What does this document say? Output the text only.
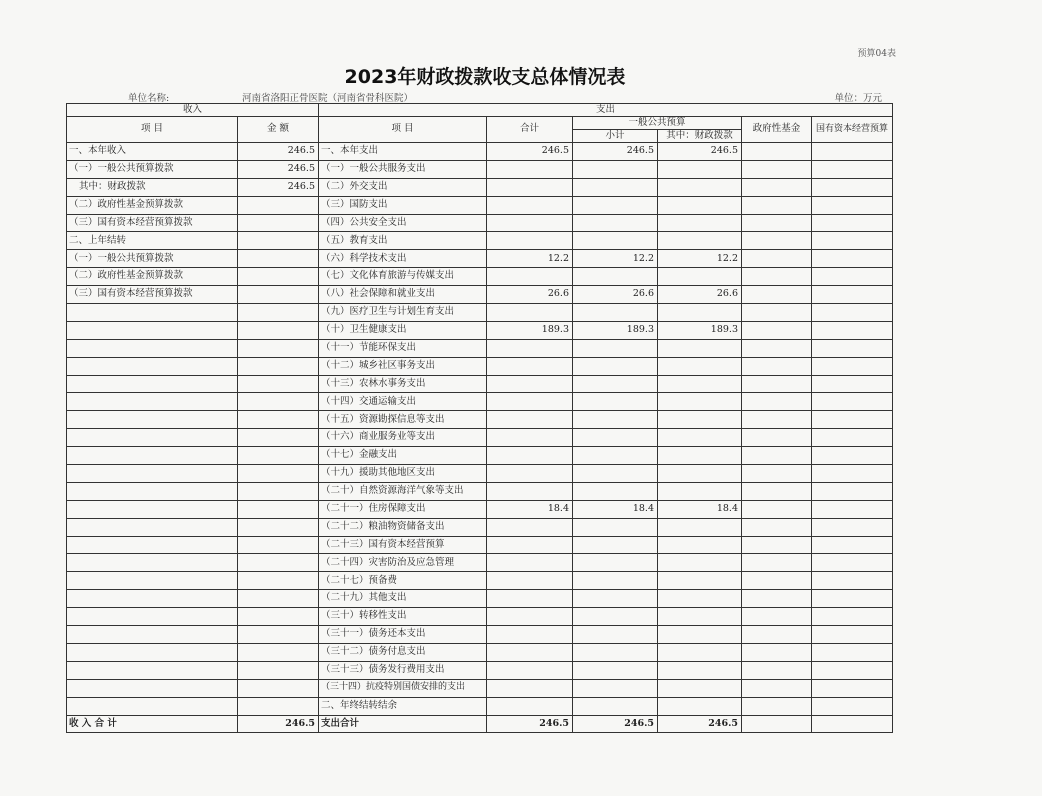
预算04表
2023年财政拨款收支总体情况表
单位名称:	河南省洛阳正骨医院（河南省骨科医院）	单位：万元
收入		支出					
项 目	金 额	项 目	合计	一般公共预算		政府性基金	国有资本经营预算
				小计	其中：财政拨款		
一、本年收入	246.5	一、本年支出	246.5	246.5	246.5		
（一）一般公共预算拨款	246.5	（一）一般公共服务支出					
其中：财政拨款	246.5	（二）外交支出					
（二）政府性基金预算拨款		（三）国防支出					
（三）国有资本经营预算拨款		（四）公共安全支出					
二、上年结转		（五）教育支出					
（一）一般公共预算拨款		（六）科学技术支出	12.2	12.2	12.2		
（二）政府性基金预算拨款		（七）文化体育旅游与传媒支出					
（三）国有资本经营预算拨款		（八）社会保障和就业支出	26.6	26.6	26.6		
		（九）医疗卫生与计划生育支出					
		（十）卫生健康支出	189.3	189.3	189.3		
		（十一）节能环保支出					
		（十二）城乡社区事务支出					
		（十三）农林水事务支出					
		（十四）交通运输支出					
		（十五）资源勘探信息等支出					
		（十六）商业服务业等支出					
		（十七）金融支出					
		（十九）援助其他地区支出					
		（二十）自然资源海洋气象等支出					
		（二十一）住房保障支出	18.4	18.4	18.4		
		（二十二）粮油物资储备支出					
		（二十三）国有资本经营预算					
		（二十四）灾害防治及应急管理					
		（二十七）预备费					
		（二十九）其他支出					
		（三十）转移性支出					
		（三十一）债务还本支出					
		（三十二）债务付息支出					
		（三十三）债务发行费用支出					
		（三十四）抗疫特别国债安排的支出					
		二、年终结转结余					
收 入 合 计	246.5	支出合计	246.5	246.5	246.5		
